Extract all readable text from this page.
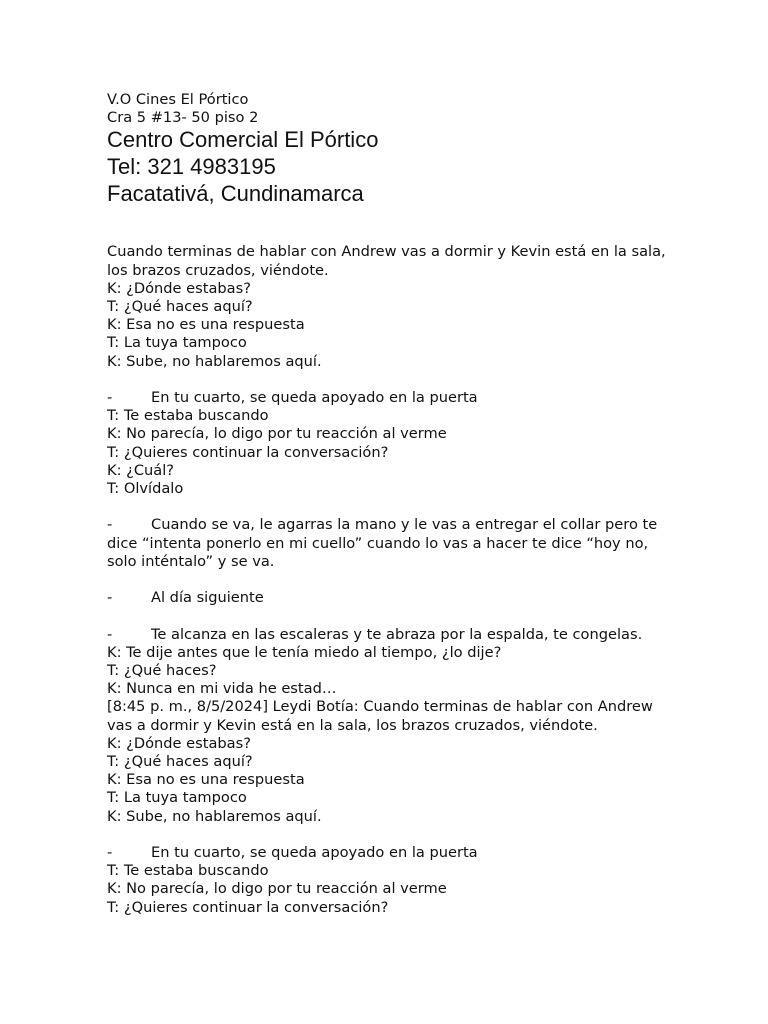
V.O Cines El Pórtico
Cra 5 #13- 50 piso 2
Centro Comercial El Pórtico
Tel: 321 4983195
Facatativá, Cundinamarca
Cuando terminas de hablar con Andrew vas a dormir y Kevin está en la sala, los brazos cruzados, viéndote.
K: ¿Dónde estabas?
T: ¿Qué haces aquí?
K: Esa no es una respuesta
T: La tuya tampoco
K: Sube, no hablaremos aquí.
-	En tu cuarto, se queda apoyado en la puerta
T: Te estaba buscando
K: No parecía, lo digo por tu reacción al verme
T: ¿Quieres continuar la conversación?
K: ¿Cuál?
T: Olvídalo
-	Cuando se va, le agarras la mano y le vas a entregar el collar pero te dice “intenta ponerlo en mi cuello” cuando lo vas a hacer te dice “hoy no, solo inténtalo” y se va.
-	Al día siguiente
-	Te alcanza en las escaleras y te abraza por la espalda, te congelas.
K: Te dije antes que le tenía miedo al tiempo, ¿lo dije?
T: ¿Qué haces?
K: Nunca en mi vida he estad…
[8:45 p. m., 8/5/2024] Leydi Botía: Cuando terminas de hablar con Andrew vas a dormir y Kevin está en la sala, los brazos cruzados, viéndote.
K: ¿Dónde estabas?
T: ¿Qué haces aquí?
K: Esa no es una respuesta
T: La tuya tampoco
K: Sube, no hablaremos aquí.
-	En tu cuarto, se queda apoyado en la puerta
T: Te estaba buscando
K: No parecía, lo digo por tu reacción al verme
T: ¿Quieres continuar la conversación?
